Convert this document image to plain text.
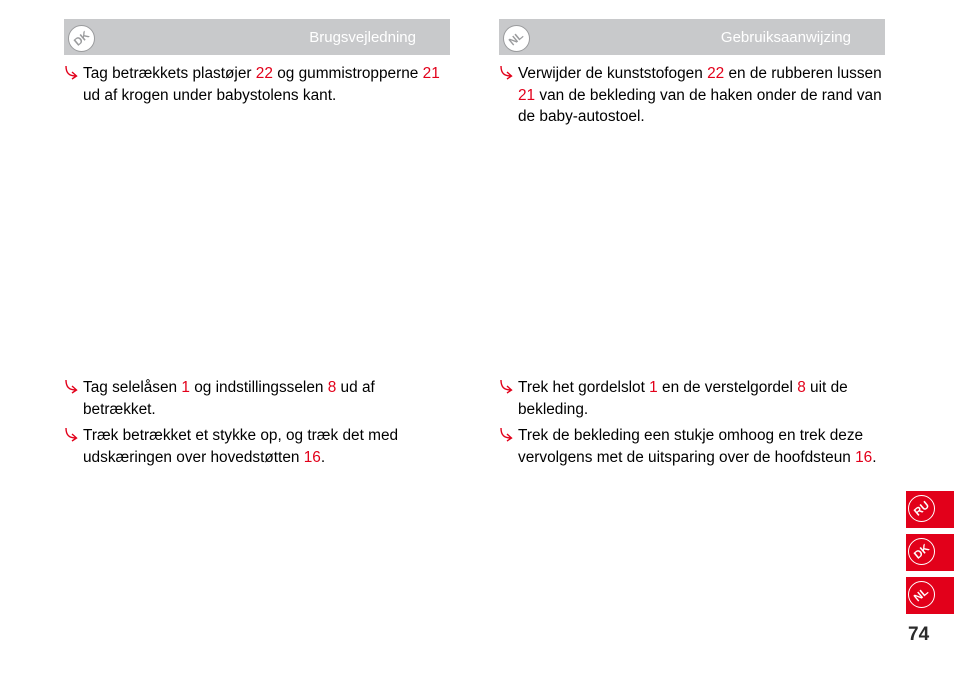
DK	Brugsvejledning
Tag betrækkets plastøjer 22 og gummistropperne 21 ud af krogen under babystolens kant.
Tag selelåsen 1 og indstillingsselen 8 ud af betrækket.
Træk betrækket et stykke op, og træk det med udskæringen over hovedstøtten 16.
NL	Gebruiksaanwijzing
Verwijder de kunststofogen 22 en de rubberen lussen 21 van de bekleding van de haken onder de rand van de baby-autostoel.
Trek het gordelslot 1 en de verstelgordel 8 uit de bekleding.
Trek de bekleding een stukje omhoog en trek deze vervolgens met de uitsparing over de hoofdsteun 16.
RU
DK
NL
74
